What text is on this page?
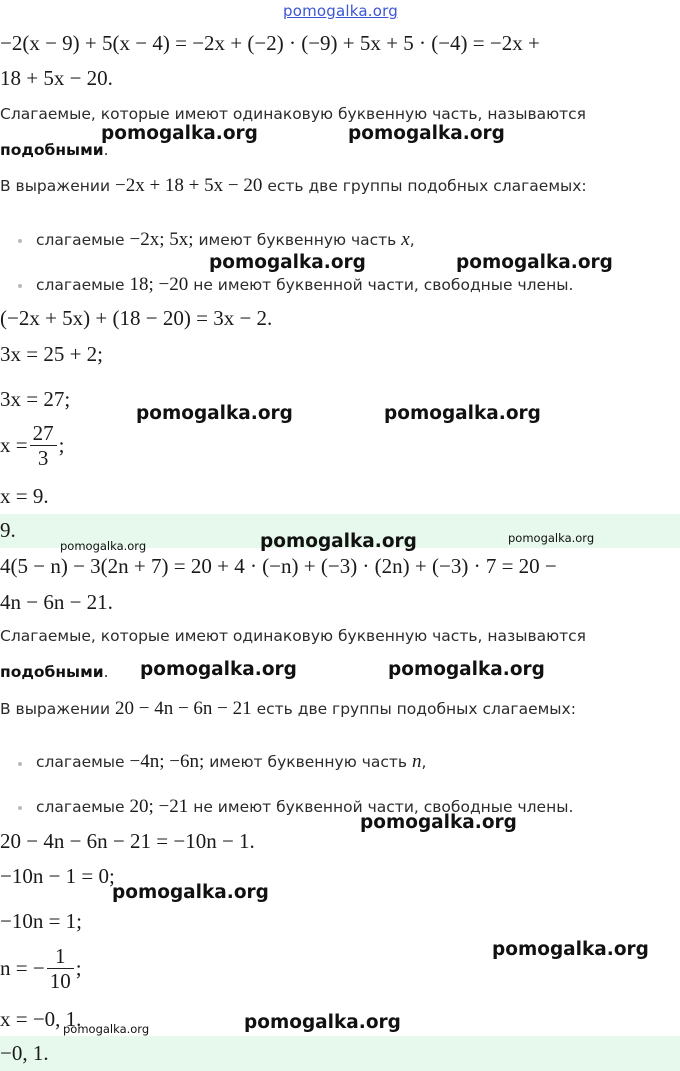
pomogalka.org
−2(x − 9) + 5(x − 4) = −2x + (−2) · (−9) + 5x + 5 · (−4) = −2x +
18 + 5x − 20.
Слагаемые, которые имеют одинаковую буквенную часть, называются
подобными.
В выражении −2x + 18 + 5x − 20 есть две группы подобных слагаемых:
слагаемые −2x; 5x; имеют буквенную часть x,
слагаемые 18; −20 не имеют буквенной части, свободные члены.
(−2x + 5x) + (18 − 20) = 3x − 2.
3x = 25 + 2;
3x = 27;
$x = \frac{27}{3}$ ;
x = 9.
9.
4(5 − n) − 3(2n + 7) = 20 + 4 · (−n) + (−3) · (2n) + (−3) · 7 = 20 −
4n − 6n − 21.
Слагаемые, которые имеют одинаковую буквенную часть, называются
подобными.
В выражении 20 − 4n − 6n − 21 есть две группы подобных слагаемых:
слагаемые −4n; −6n; имеют буквенную часть n,
слагаемые 20; −21 не имеют буквенной части, свободные члены.
20 − 4n − 6n − 21 = −10n − 1.
−10n − 1 = 0;
−10n = 1;
n = − $\frac{1}{10}$ ;
x = −0, 1.
−0, 1.
pomogalka.org	pomogalka.org
pomogalka.org	pomogalka.org
pomogalka.org	pomogalka.org
pomogalka.org	pomogalka.org	pomogalka.org
pomogalka.org	pomogalka.org
pomogalka.org
pomogalka.org
pomogalka.org
pomogalka.org	pomogalka.org
